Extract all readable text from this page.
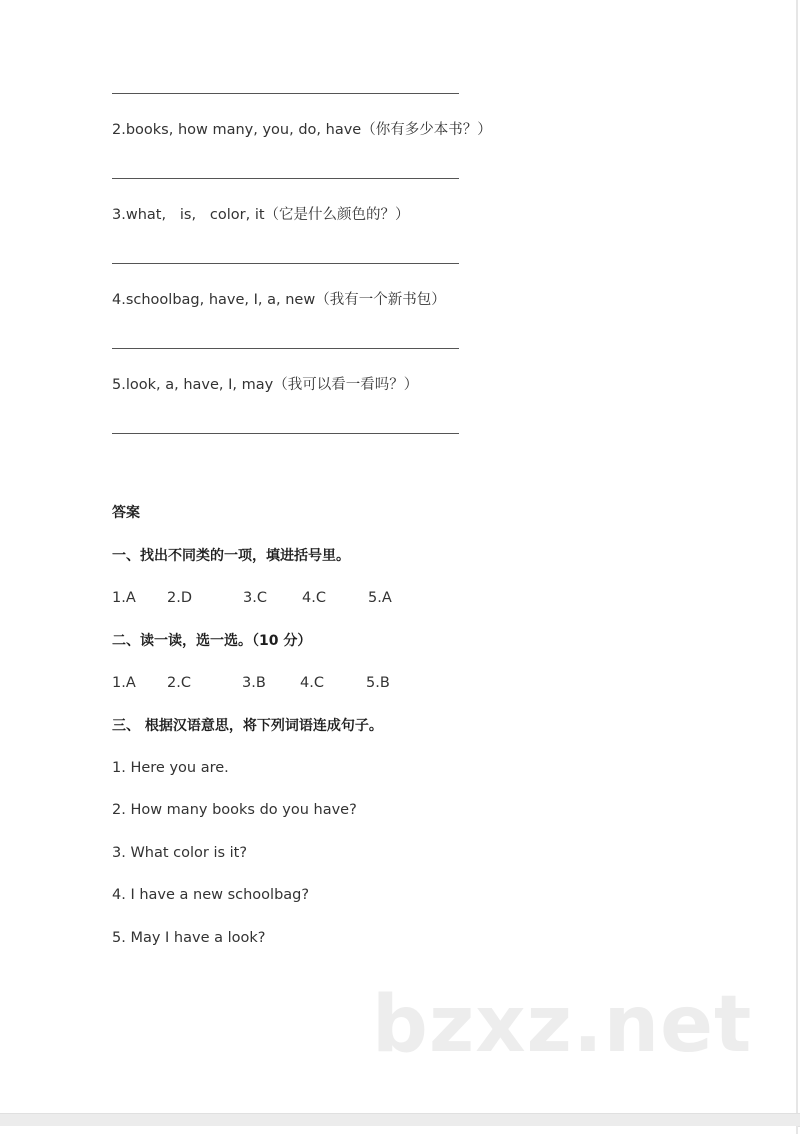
2.books, how many, you, do, have（你有多少本书？）
3.what,   is,   color, it（它是什么颜色的？）
4.schoolbag, have, I, a, new（我有一个新书包）
5.look, a, have, I, may（我可以看一看吗？）
答案
一、找出不同类的一项，填进括号里。
1.A 2.D	3.C 4.C	5.A
二、读一读，选一选。（10 分）
1.A 2.C	3.B 4.C	5.B
三、 根据汉语意思，将下列词语连成句子。
1. Here you are.
2. How many books do you have?
3. What color is it?
4. I have a new schoolbag?
5. May I have a look?
bzxz.net
